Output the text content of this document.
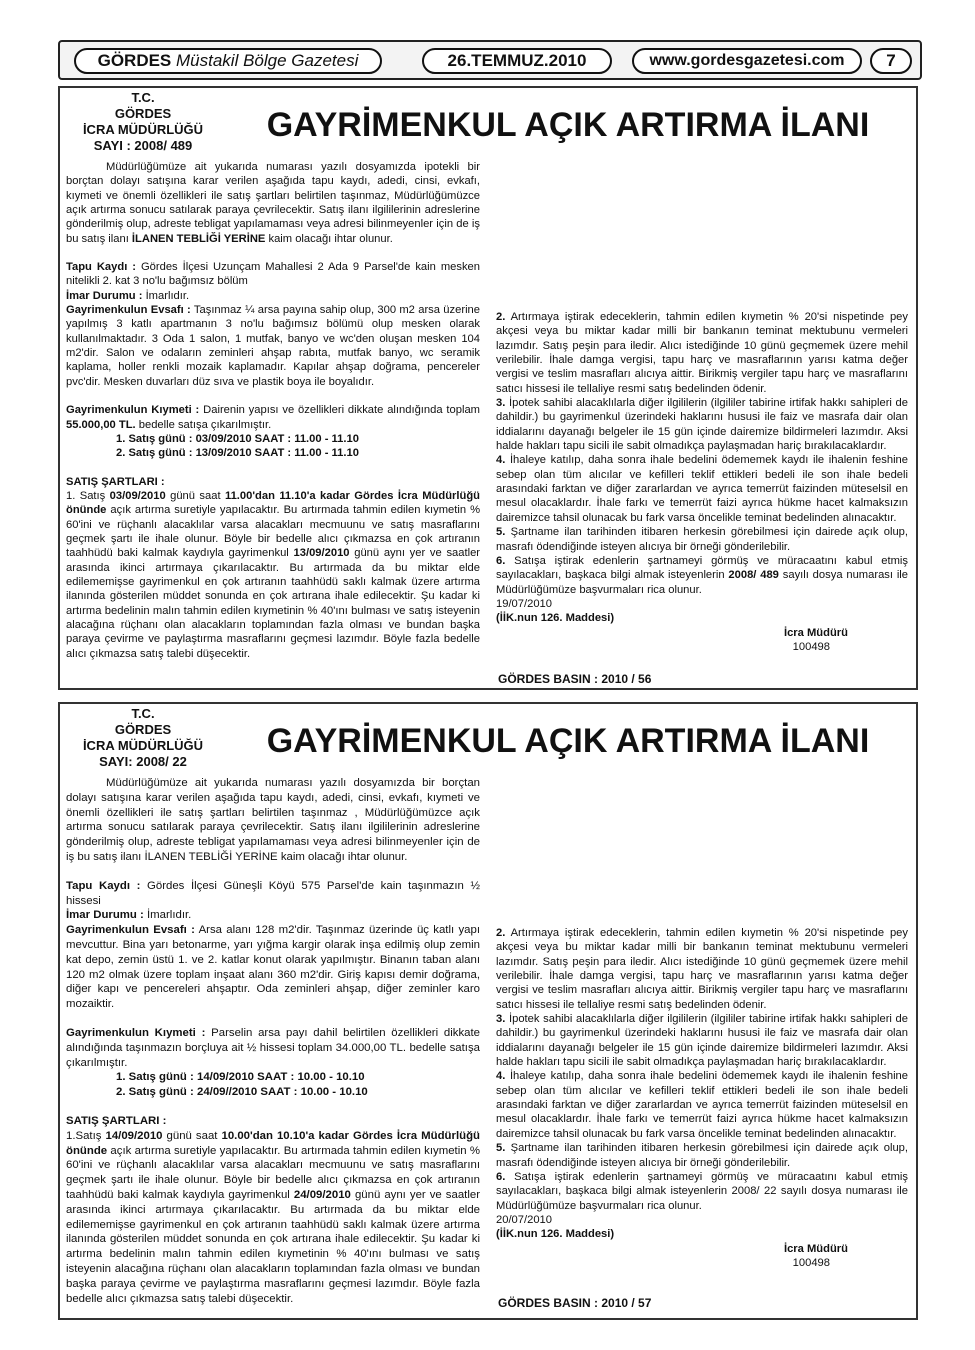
GÖRDES Müstakil Bölge Gazetesi	26.TEMMUZ.2010	www.gordesgazetesi.com	7
T.C.
GÖRDES
İCRA MÜDÜRLÜĞÜ
SAYI : 2008/ 489
GAYRİMENKUL AÇIK ARTIRMA İLANI

Müdürlüğümüze ait yukarıda numarası yazılı dosyamızda ipotekli bir borçtan dolayı satışına karar verilen aşağıda tapu kaydı, adedi, cinsi, evkafı, kıymeti ve önemli özellikleri ile satış şartları belirtilen taşınmaz, Müdürlüğümüzce açık artırma sonucu satılarak paraya çevrilecektir. Satış ilanı ilgililerinin adreslerine gönderilmiş olup, adreste tebligat yapılamaması veya adresi bilinmeyenler için de iş bu satış ilanı İLANEN TEBLİĞİ YERİNE kaim olacağı ihtar olunur.

Tapu Kaydı : Gördes İlçesi Uzunçam Mahallesi 2 Ada 9 Parsel'de kain mesken nitelikli 2. kat 3 no'lu bağımsız bölüm

İmar Durumu : İmarlıdır.

Gayrimenkulun Evsafı : Taşınmaz ¼ arsa payına sahip olup, 300 m2 arsa üzerine yapılmış 3 katlı apartmanın 3 no'lu bağımsız bölümü olup mesken olarak kullanılmaktadır. 3 Oda 1 salon, 1 mutfak, banyo ve wc'den oluşan mesken 104 m2'dir. Salon ve odaların zeminleri ahşap rabıta, mutfak banyo, wc seramik kaplama, holler renkli mozaik kaplamadır. Kapılar ahşap doğrama, pencereler pvc'dir. Mesken duvarları düz sıva ve plastik boya ile boyalıdır.

Gayrimenkulun Kıymeti : Dairenin yapısı ve özellikleri dikkate alındığında toplam 55.000,00 TL. bedelle satışa çıkarılmıştır.

1. Satış günü : 03/09/2010 SAAT : 11.00 - 11.10

2. Satış günü : 13/09/2010 SAAT : 11.00 - 11.10

SATIŞ ŞARTLARI :

1. Satış 03/09/2010 günü saat 11.00'dan 11.10'a kadar Gördes İcra Müdürlüğü önünde açık artırma suretiyle yapılacaktır. Bu artırmada tahmin edilen kıymetin % 60'ini ve rüçhanlı alacaklılar varsa alacakları mecmuunu ve satış masraflarını geçmek şartı ile ihale olunur. Böyle bir bedelle alıcı çıkmazsa en çok artıranın taahhüdü baki kalmak kaydıyla gayrimenkul 13/09/2010 günü aynı yer ve saatler arasında ikinci artırmaya çıkarılacaktır. Bu artırmada da bu miktar elde edilememişse gayrimenkul en çok artıranın taahhüdü saklı kalmak üzere artırma ilanında gösterilen müddet sonunda en çok artırana ihale edilecektir. Şu kadar ki artırma bedelinin malın tahmin edilen kıymetinin % 40'ını bulması ve satış isteyenin alacağına rüçhanı olan alacakların toplamından fazla olması ve bundan başka paraya çevirme ve paylaştırma masraflarını geçmesi lazımdır. Böyle fazla bedelle alıcı çıkmazsa satış talebi düşecektir.

2. Artırmaya iştirak edeceklerin, tahmin edilen kıymetin % 20'si nispetinde pey akçesi veya bu miktar kadar milli bir bankanın teminat mektubunu vermeleri lazımdır. Satış peşin para iledir. Alıcı istediğinde 10 günü geçmemek üzere mehil verilebilir. İhale damga vergisi, tapu harç ve masraflarının yarısı katma değer vergisi ve teslim masrafları alıcıya aittir. Birikmiş vergiler tapu harç ve masraflarını satıcı hissesi ile tellaliye resmi satış bedelinden ödenir.

3. İpotek sahibi alacaklılarla diğer ilgililerin (ilgililer tabirine irtifak hakkı sahipleri de dahildir.) bu gayrimenkul üzerindeki haklarını hususi ile faiz ve masrafa dair olan iddialarını dayanağı belgeler ile 15 gün içinde dairemize bildirmeleri lazımdır. Aksi halde hakları tapu sicili ile sabit olmadıkça paylaşmadan hariç bırakılacaklardır.

4. İhaleye katılıp, daha sonra ihale bedelini ödememek kaydı ile ihalenin feshine sebep olan tüm alıcılar ve kefilleri teklif ettikleri bedeli ile son ihale bedeli arasındaki farktan ve diğer zararlardan ve ayrıca temerrüt faizinden müteselsil en mesul olacaklardır. İhale farkı ve temerrüt faizi ayrıca hükme hacet kalmaksızın dairemizce tahsil olunacak bu fark varsa öncelikle teminat bedelinden alınacaktır.

5. Şartname ilan tarihinden itibaren herkesin görebilmesi için dairede açık olup, masrafı ödendiğinde isteyen alıcıya bir örneği gönderilebilir.

6. Satışa iştirak edenlerin şartnameyi görmüş ve müracaatını kabul etmiş sayılacakları, başkaca bilgi almak isteyenlerin 2008/ 489 sayılı dosya numarası ile Müdürlüğümüze başvurmaları rica olunur.

19/07/2010

(İİK.nun 126. Maddesi)

İcra Müdürü

100498

GÖRDES BASIN : 2010 / 56
T.C.
GÖRDES
İCRA MÜDÜRLÜĞÜ
SAYI: 2008/ 22
GAYRİMENKUL AÇIK ARTIRMA İLANI

Müdürlüğümüze ait yukarıda numarası yazılı dosyamızda bir borçtan dolayı satışına karar verilen aşağıda tapu kaydı, adedi, cinsi, evkafı, kıymeti ve önemli özellikleri ile satış şartları belirtilen taşınmaz , Müdürlüğümüzce açık artırma sonucu satılarak paraya çevrilecektir. Satış ilanı ilgililerinin adreslerine gönderilmiş olup, adreste tebligat yapılamaması veya adresi bilinmeyenler için de iş bu satış ilanı İLANEN TEBLİĞİ YERİNE kaim olacağı ihtar olunur.

Tapu Kaydı : Gördes İlçesi Güneşli Köyü 575 Parsel'de kain taşınmazın ½ hissesi

İmar Durumu : İmarlıdır.

Gayrimenkulun Evsafı : Arsa alanı 128 m2'dir. Taşınmaz üzerinde üç katlı yapı mevcuttur. Bina yarı betonarme, yarı yığma kargir olarak inşa edilmiş olup zemin kat depo, zemin üstü 1. ve 2. katlar konut olarak yapılmıştır. Binanın taban alanı 120 m2 olmak üzere toplam inşaat alanı 360 m2'dir. Giriş kapısı demir doğrama, diğer kapı ve pencereleri ahşaptır. Oda zeminleri ahşap, diğer zeminler karo mozaiktir.

Gayrimenkulun Kıymeti : Parselin arsa payı dahil belirtilen özellikleri dikkate alındığında taşınmazın borçluya ait ½ hissesi toplam 34.000,00 TL. bedelle satışa çıkarılmıştır.

1. Satış günü : 14/09/2010 SAAT : 10.00 - 10.10

2. Satış günü : 24/09//2010 SAAT : 10.00 - 10.10

SATIŞ ŞARTLARI :

1.Satış 14/09/2010 günü saat 10.00'dan 10.10'a kadar Gördes İcra Müdürlüğü önünde açık artırma suretiyle yapılacaktır. Bu artırmada tahmin edilen kıymetin % 60'ini ve rüçhanlı alacaklılar varsa alacakları mecmuunu ve satış masraflarını geçmek şartı ile ihale olunur. Böyle bir bedelle alıcı çıkmazsa en çok artıranın taahhüdü baki kalmak kaydıyla gayrimenkul 24/09/2010 günü aynı yer ve saatler arasında ikinci artırmaya çıkarılacaktır. Bu artırmada da bu miktar elde edilememişse gayrimenkul en çok artıranın taahhüdü saklı kalmak üzere artırma ilanında gösterilen müddet sonunda en çok artırana ihale edilecektir. Şu kadar ki artırma bedelinin malın tahmin edilen kıymetinin % 40'ını bulması ve satış isteyenin alacağına rüçhanı olan alacakların toplamından fazla olması ve bundan başka paraya çevirme ve paylaştırma masraflarını geçmesi lazımdır. Böyle fazla bedelle alıcı çıkmazsa satış talebi düşecektir.

2. Artırmaya iştirak edeceklerin, tahmin edilen kıymetin % 20'si nispetinde pey akçesi veya bu miktar kadar milli bir bankanın teminat mektubunu vermeleri lazımdır. Satış peşin para iledir. Alıcı istediğinde 10 günü geçmemek üzere mehil verilebilir. İhale damga vergisi, tapu harç ve masraflarının yarısı katma değer vergisi ve teslim masrafları alıcıya aittir. Birikmiş vergiler tapu harç ve masraflarını satıcı hissesi ile tellaliye resmi satış bedelinden ödenir.

3. İpotek sahibi alacaklılarla diğer ilgililerin (ilgililer tabirine irtifak hakkı sahipleri de dahildir.) bu gayrimenkul üzerindeki haklarını hususi ile faiz ve masrafa dair olan iddialarını dayanağı belgeler ile 15 gün içinde dairemize bildirmeleri lazımdır. Aksi halde hakları tapu sicili ile sabit olmadıkça paylaşmadan hariç bırakılacaklardır.

4. İhaleye katılıp, daha sonra ihale bedelini ödememek kaydı ile ihalenin feshine sebep olan tüm alıcılar ve kefilleri teklif ettikleri bedeli ile son ihale bedeli arasındaki farktan ve diğer zararlardan ve ayrıca temerrüt faizinden müteselsil en mesul olacaklardır. İhale farkı ve temerrüt faizi ayrıca hükme hacet kalmaksızın dairemizce tahsil olunacak bu fark varsa öncelikle teminat bedelinden alınacaktır.

5. Şartname ilan tarihinden itibaren herkesin görebilmesi için dairede açık olup, masrafı ödendiğinde isteyen alıcıya bir örneği gönderilebilir.

6. Satışa iştirak edenlerin şartnameyi görmüş ve müracaatını kabul etmiş sayılacakları, başkaca bilgi almak isteyenlerin 2008/ 22 sayılı dosya numarası ile Müdürlüğümüze başvurmaları rica olunur.

20/07/2010

(İİK.nun 126. Maddesi)

İcra Müdürü

100498

GÖRDES BASIN : 2010 / 57
